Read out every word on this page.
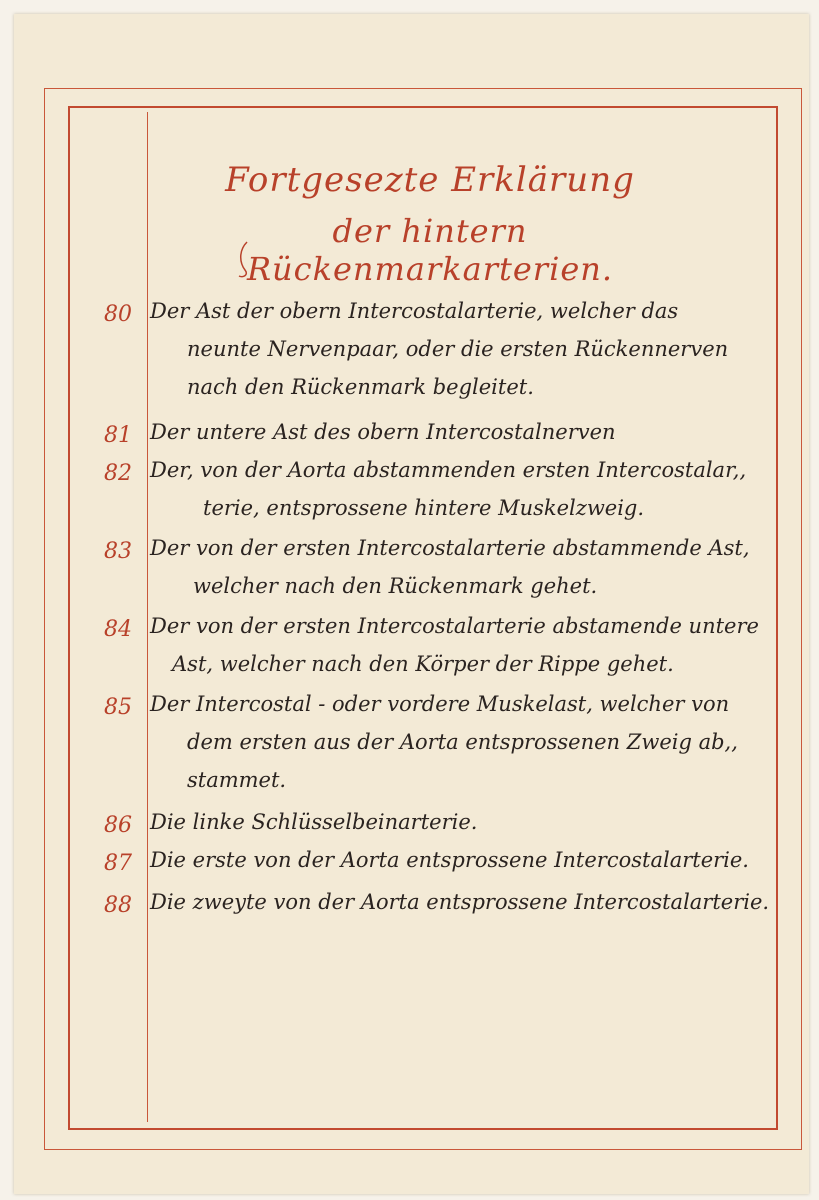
Fortgesezte Erklärung
der hintern Rückenmarkarterien.
80 Der Ast der obern Intercostalarterie, welcher das
neunte Nervenpaar, oder die ersten Rückennerven
nach den Rückenmark begleitet.
81 Der untere Ast des obern Intercostalnerven
82 Der, von der Aorta abstammenden ersten Intercostalar,,
terie, entsprossene hintere Muskelzweig.
83 Der von der ersten Intercostalarterie abstammende Ast,
welcher nach den Rückenmark gehet.
84 Der von der ersten Intercostalarterie abstamende untere
Ast, welcher nach den Körper der Rippe gehet.
85 Der Intercostal - oder vordere Muskelast, welcher von
dem ersten aus der Aorta entsprossenen Zweig ab,,
stammet.
86 Die linke Schlüsselbeinarterie.
87 Die erste von der Aorta entsprossene Intercostalarterie.
88 Die zweyte von der Aorta entsprossene Intercostalarterie.
